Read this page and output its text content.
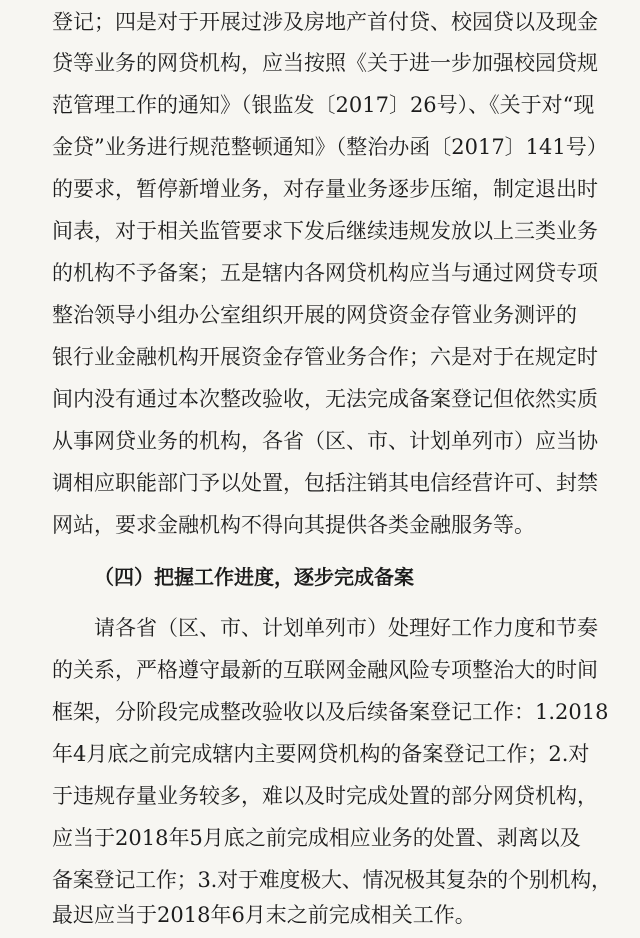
登记；四是对于开展过涉及房地产首付贷、校园贷以及现金
贷等业务的网贷机构，应当按照《关于进一步加强校园贷规
范管理工作的通知》（银监发〔2017〕26号）、《关于对“现
金贷”业务进行规范整顿通知》（整治办函〔2017〕141号）
的要求，暂停新增业务，对存量业务逐步压缩，制定退出时
间表，对于相关监管要求下发后继续违规发放以上三类业务
的机构不予备案；五是辖内各网贷机构应当与通过网贷专项
整治领导小组办公室组织开展的网贷资金存管业务测评的
银行业金融机构开展资金存管业务合作；六是对于在规定时
间内没有通过本次整改验收，无法完成备案登记但依然实质
从事网贷业务的机构，各省（区、市、计划单列市）应当协
调相应职能部门予以处置，包括注销其电信经营许可、封禁
网站，要求金融机构不得向其提供各类金融服务等。
（四）把握工作进度，逐步完成备案
请各省（区、市、计划单列市）处理好工作力度和节奏
的关系，严格遵守最新的互联网金融风险专项整治大的时间
框架，分阶段完成整改验收以及后续备案登记工作：1.2018
年4月底之前完成辖内主要网贷机构的备案登记工作；2.对
于违规存量业务较多，难以及时完成处置的部分网贷机构，
应当于2018年5月底之前完成相应业务的处置、剥离以及
备案登记工作；3.对于难度极大、情况极其复杂的个别机构，
最迟应当于2018年6月末之前完成相关工作。
